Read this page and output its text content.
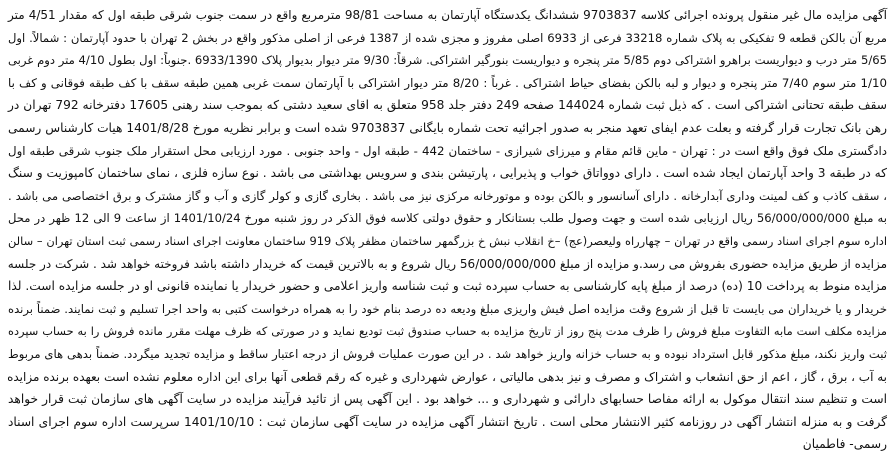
آگهی مزایده مال غیر منقول پرونده اجرائی کلاسه 9703837 ششدانگ یکدستگاه آپارتمان به مساحت 98/81 مترمربع واقع در سمت جنوب شرقی طبقه اول که مقدار 4/51 متر
مربع آن بالکن قطعه 9 تفکیکی به پلاک شماره 33218 فرعی از 6933 اصلی مفروز و مجزی شده از 1387 فرعی از اصلی مذکور واقع در بخش 2 تهران با حدود آپارتمان : شمالاً. اول
5/65 متر درب و دیواریست براهرو اشتراکی دوم 5/85 متر پنجره و دیواریست بنورگیر اشتراکی. شرقاً: 9/30 متر دیوار بدیوار پلاک 6933/1390 .جنوباً: اول بطول 4/10 متر دوم غربی
1/10 متر سوم 7/40 متر پنجره و دیوار و لبه بالکن بفضای حیاط اشتراکی . غرباً : 8/20 متر دیوار اشتراکی با آپارتمان سمت غربی همین طبقه سقف با کف طبقه فوقانی و کف با
سقف طبقه تحتانی اشتراکی است . که ذیل ثبت شماره 144024 صفحه 249 دفتر جلد 958 متعلق به اقای سعید دشتی که بموجب سند رهنی 17605 دفترخانه 792 تهران در
رهن بانک تجارت قرار گرفته و بعلت عدم ایفای تعهد منجر به صدور اجرائیه تحت شماره بایگانی 9703837 شده است و برابر نظریه مورخ 1401/8/28 هیات کارشناس رسمی
دادگستری ملک فوق واقع است در : تهران - ماین قائم مقام و میرزای شیرازی - ساختمان 442 - طبقه اول - واحد جنوبی . مورد ارزیابی محل استقرار ملک جنوب شرقی طبقه اول
که در طبقه 3 واحد آپارتمان ایجاد شده است . دارای دوواتاق خواب و پذیرایی ، پارتیشن بندی و سرویس بهداشتی می باشد . نوع سازه فلزی ، نمای ساختمان کامپوزیت و سنگ
، سقف کاذب و کف لمینت وداری آبدارخانه . دارای آسانسور و بالکن بوده و موتورخانه مرکزی نیز می باشد . بخاری گازی و کولر گازی و آب و گاز مشترک و برق اختصاصی می باشد .
به مبلغ 56/000/000/000 ریال ارزیابی شده است و جهت وصول طلب بستانکار و حقوق دولتی کلاسه فوق الذکر در روز شنبه مورخ 1401/10/24 از ساعت 9 الی 12 ظهر در محل
اداره سوم اجرای اسناد رسمی واقع در تهران – چهارراه ولیعصر(عج) –خ انقلاب نبش خ بزرگمهر ساختمان مظفر پلاک 919 ساختمان معاونت اجرای اسناد رسمی ثبت استان تهران – سالن
مزایده از طریق مزایده حضوری بفروش می رسد.و مزایده از مبلغ 56/000/000/000 ریال شروع و به بالاترین قیمت که خریدار داشته باشد فروخته خواهد شد . شرکت در جلسه
مزایده منوط به پرداخت 10 (ده) درصد از مبلغ پایه کارشناسی به حساب سپرده ثبت و ثبت شناسه واریز اعلامی و حضور خریدار یا نماینده قانونی او در جلسه مزایده است. لذا
خریدار و یا خریداران می بایست تا قبل از شروع وقت مزایده اصل فیش واریزی مبلغ ودیعه ده درصد بنام خود را به همراه درخواست کتبی به واحد اجرا تسلیم و ثبت نمایند. ضمناً برنده
مزایده مکلف است مابه التفاوت مبلغ فروش را ظرف مدت پنج روز از تاریخ مزایده به حساب صندوق ثبت تودیع نماید و در صورتی که ظرف مهلت مقرر مانده فروش را به حساب سپرده
ثبت واریز نکند، مبلغ مذکور قابل استرداد نبوده و به حساب خزانه واریز خواهد شد . در این صورت عملیات فروش از درجه اعتبار ساقط و مزایده تجدید میگردد. ضمناً بدهی های مربوط
به آب ، برق ، گاز ، اعم از حق انشعاب و اشتراک و مصرف و نیز بدهی مالیاتی ، عوارض شهرداری و غیره که رقم قطعی آنها برای این اداره معلوم نشده است بعهده برنده مزایده
است و تنظیم سند انتقال موکول به ارائه مفاصا حسابهای دارائی و شهرداری و ... خواهد بود . این آگهی پس از تائید فرآیند مزایده در سایت آگهی های سازمان ثبت قرار خواهد
گرفت و به منزله انتشار آگهی در روزنامه کثیر الانتشار محلی است . تاریخ انتشار آگهی مزایده در سایت آگهی سازمان ثبت : 1401/10/10 سرپرست اداره سوم اجرای اسناد
رسمی- فاطمیان
